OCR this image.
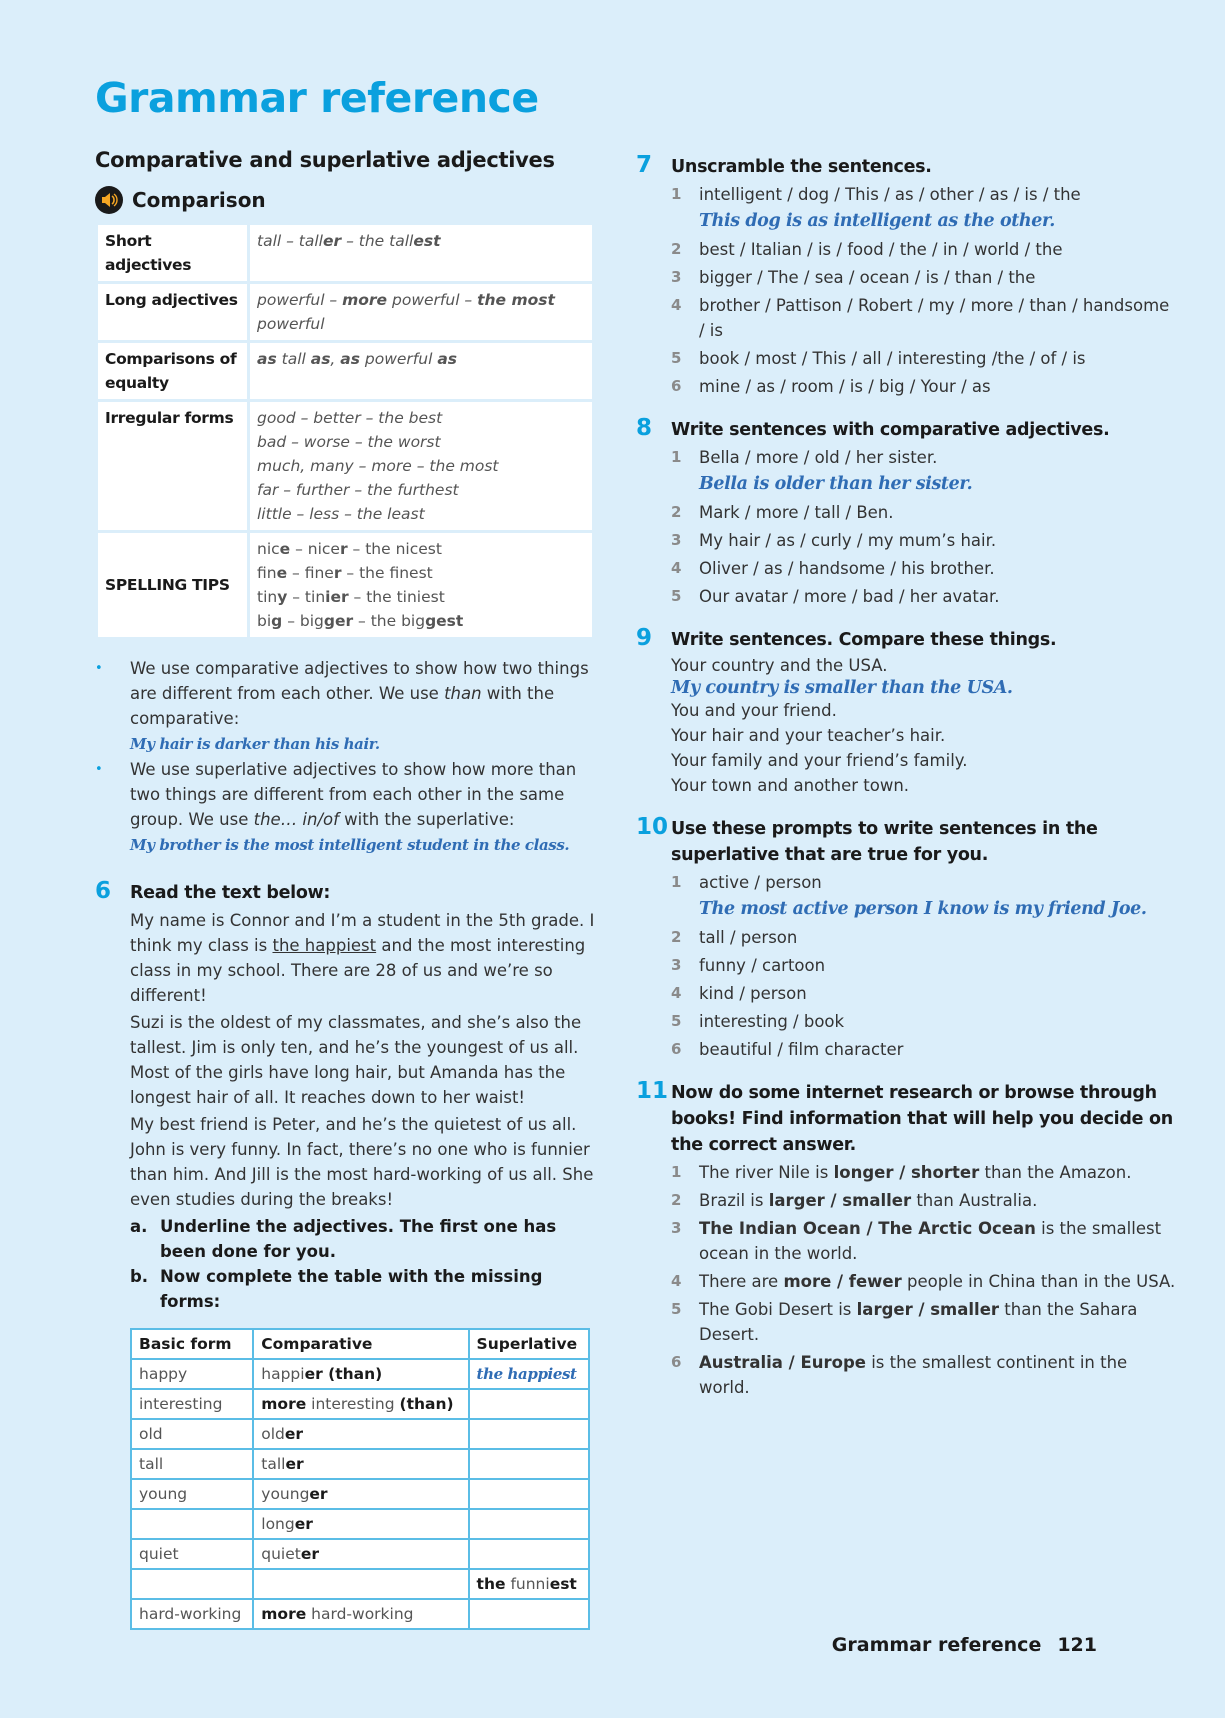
Grammar reference
Comparative and superlative adjectives
Comparison
Short adjectives	tall – taller – the tallest

Long adjectives	powerful – more powerful – the most
powerful

Comparisons of equalty	as tall as, as powerful as

Irregular forms	good – better – the best
bad – worse – the worst
much, many – more – the most
far – further – the furthest
little – less – the least

SPELLING TIPS	nice – nicer – the nicest
fine – finer – the finest
tiny – tinier – the tiniest
big – bigger – the biggest
• We use comparative adjectives to show how two things are different from each other. We use than with the comparative:
My hair is darker than his hair.
• We use superlative adjectives to show how more than two things are different from each other in the same group. We use the… in/of with the superlative:
My brother is the most intelligent student in the class.
6 Read the text below:

My name is Connor and I’m a student in the 5th grade. I think my class is the happiest and the most interesting class in my school. There are 28 of us and we’re so different!

Suzi is the oldest of my classmates, and she’s also the tallest. Jim is only ten, and he’s the youngest of us all. Most of the girls have long hair, but Amanda has the longest hair of all. It reaches down to her waist!

My best friend is Peter, and he’s the quietest of us all. John is very funny. In fact, there’s no one who is funnier than him. And Jill is the most hard-working of us all. She even studies during the breaks!

a. Underline the adjectives. The first one has been done for you.
b. Now complete the table with the missing forms:
Basic form	Comparative	Superlative
happy	happier (than)	the happiest
interesting	more interesting (than)	
old	older	
tall	taller	
young	younger	
	longer	
quiet	quieter	
		the funniest
hard-working	more hard-working	
7 Unscramble the sentences.
1 intelligent / dog / This / as / other / as / is / the
This dog is as intelligent as the other.
2 best / Italian / is / food / the / in / world / the
3 bigger / The / sea / ocean / is / than / the
4 brother / Pattison / Robert / my / more / than / handsome / is
5 book / most / This / all / interesting /the / of / is
6 mine / as / room / is / big / Your / as
8 Write sentences with comparative adjectives.
1 Bella / more / old / her sister.
Bella is older than her sister.
2 Mark / more / tall / Ben.
3 My hair / as / curly / my mum’s hair.
4 Oliver / as / handsome / his brother.
5 Our avatar / more / bad / her avatar.
9 Write sentences. Compare these things.
Your country and the USA.
My country is smaller than the USA.
You and your friend.
Your hair and your teacher’s hair.
Your family and your friend’s family.
Your town and another town.
10 Use these prompts to write sentences in the superlative that are true for you.
1 active / person
The most active person I know is my friend Joe.
2 tall / person
3 funny / cartoon
4 kind / person
5 interesting / book
6 beautiful / film character
11 Now do some internet research or browse through books! Find information that will help you decide on the correct answer.
1 The river Nile is longer / shorter than the Amazon.
2 Brazil is larger / smaller than Australia.
3 The Indian Ocean / The Arctic Ocean is the smallest ocean in the world.
4 There are more / fewer people in China than in the USA.
5 The Gobi Desert is larger / smaller than the Sahara Desert.
6 Australia / Europe is the smallest continent in the world.
Grammar reference 121
